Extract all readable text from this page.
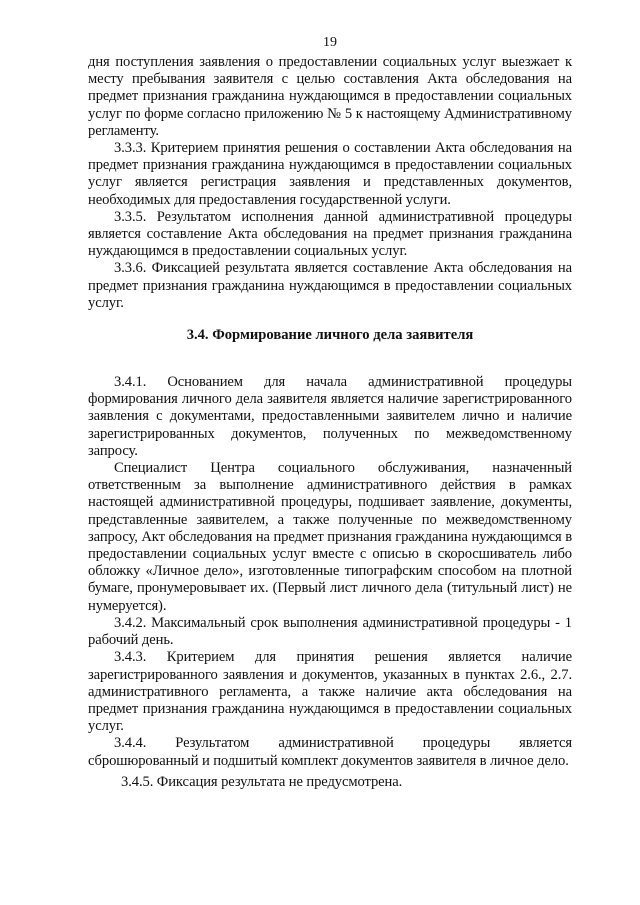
19

дня поступления заявления о предоставлении социальных услуг выезжает к месту пребывания заявителя с целью составления Акта обследования на предмет признания гражданина нуждающимся в предоставлении социальных услуг по форме согласно приложению № 5 к настоящему Административному регламенту.

3.3.3. Критерием принятия решения о составлении Акта обследования на предмет признания гражданина нуждающимся в предоставлении социальных услуг является регистрация заявления и представленных документов, необходимых для предоставления государственной услуги.

3.3.5. Результатом исполнения данной административной процедуры является составление Акта обследования на предмет признания гражданина нуждающимся в предоставлении социальных услуг.

3.3.6. Фиксацией результата является составление Акта обследования на предмет признания гражданина нуждающимся в предоставлении социальных услуг.

3.4. Формирование личного дела заявителя

3.4.1. Основанием для начала административной процедуры формирования личного дела заявителя является наличие зарегистрированного заявления с документами, предоставленными заявителем лично и наличие зарегистрированных документов, полученных по межведомственному запросу.

Специалист Центра социального обслуживания, назначенный ответственным за выполнение административного действия в рамках настоящей административной процедуры, подшивает заявление, документы, представленные заявителем, а также полученные по межведомственному запросу, Акт обследования на предмет признания гражданина нуждающимся в предоставлении социальных услуг вместе с описью в скоросшиватель либо обложку «Личное дело», изготовленные типографским способом на плотной бумаге, пронумеровывает их. (Первый лист личного дела (титульный лист) не нумеруется).

3.4.2. Максимальный срок выполнения административной процедуры - 1 рабочий день.

3.4.3. Критерием для принятия решения является наличие зарегистрированного заявления и документов, указанных в пунктах 2.6., 2.7. административного регламента, а также наличие акта обследования на предмет признания гражданина нуждающимся в предоставлении социальных услуг.

3.4.4. Результатом административной процедуры является сброшюрованный и подшитый комплект документов заявителя в личное дело.

3.4.5. Фиксация результата не предусмотрена.
